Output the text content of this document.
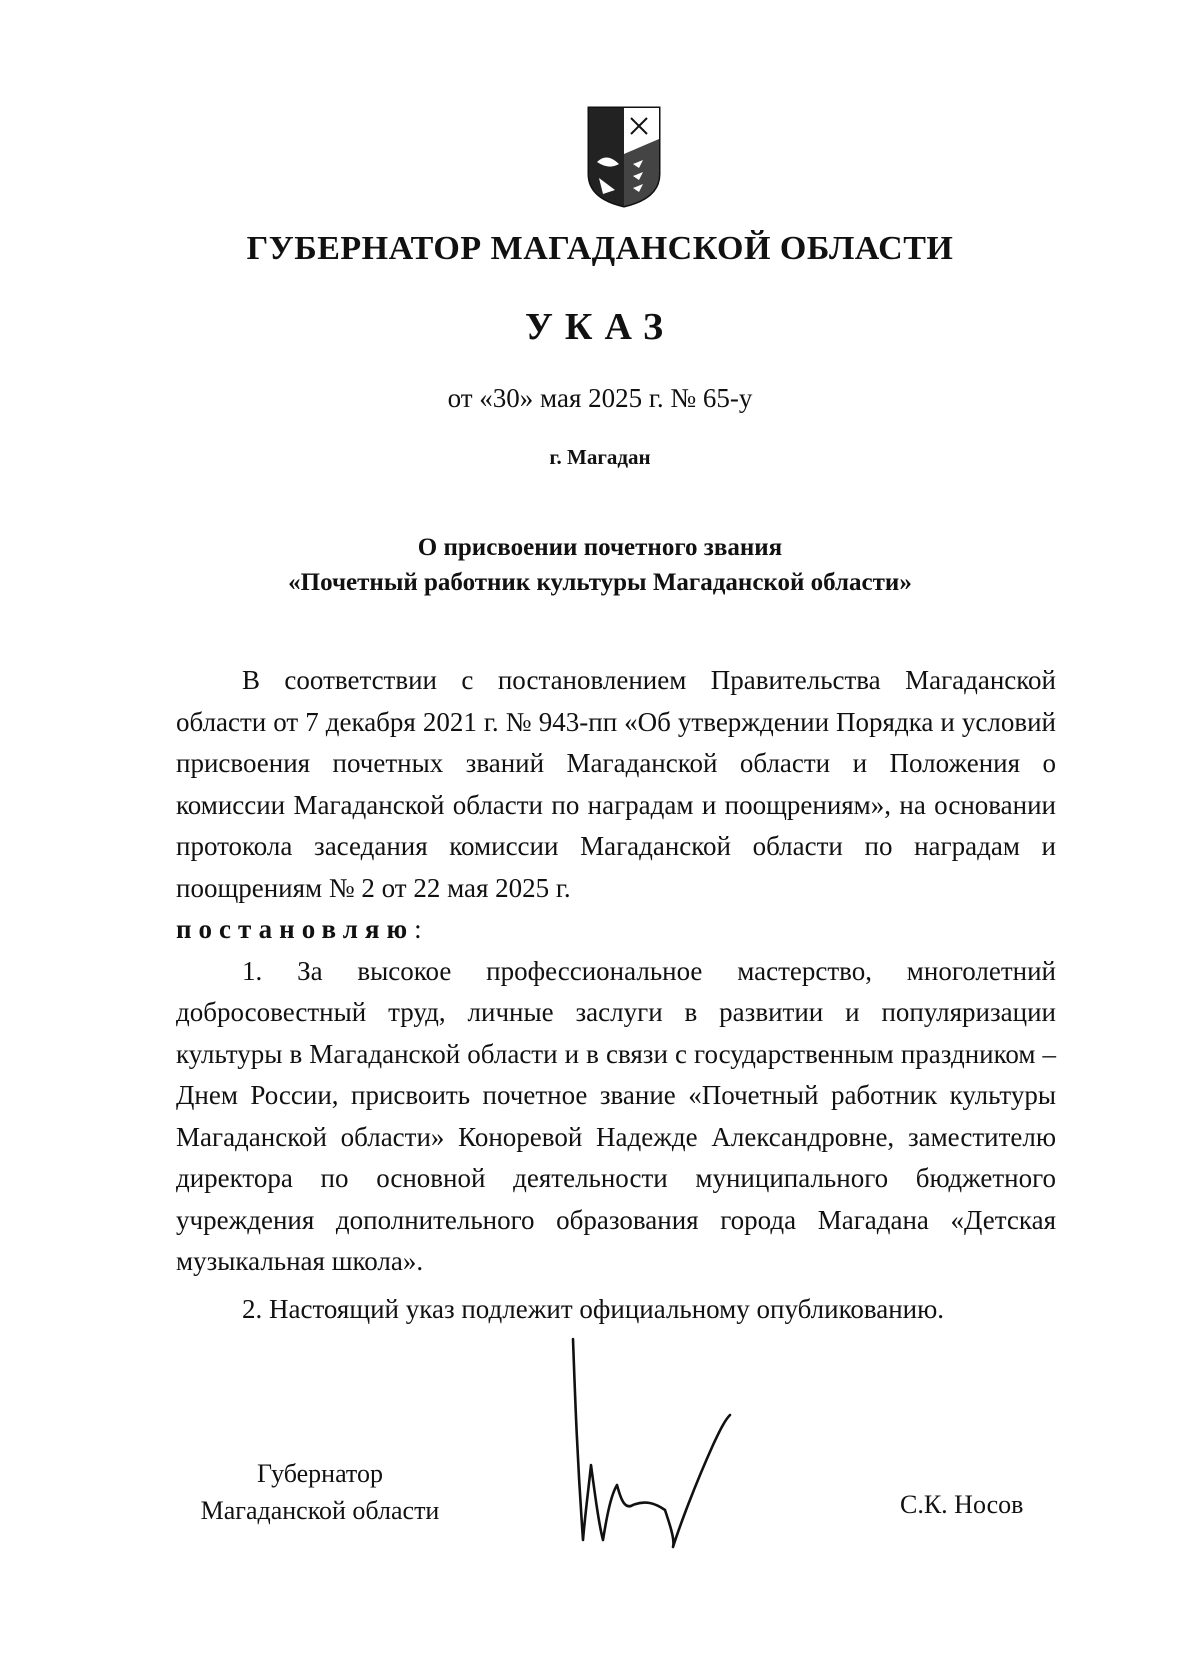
ГУБЕРНАТОР МАГАДАНСКОЙ ОБЛАСТИ
УКАЗ
от «30» мая 2025 г. № 65-у
г. Магадан
О присвоении почетного звания
«Почетный работник культуры Магаданской области»

В соответствии с постановлением Правительства Магаданской области от 7 декабря 2021 г. № 943-пп «Об утверждении Порядка и условий присвоения почетных званий Магаданской области и Положения о комиссии Магаданской области по наградам и поощрениям», на основании протокола заседания комиссии Магаданской области по наградам и поощрениям № 2 от 22 мая 2025 г.

постановляю:

1. За высокое профессиональное мастерство, многолетний добросовестный труд, личные заслуги в развитии и популяризации культуры в Магаданской области и в связи с государственным праздником – Днем России, присвоить почетное звание «Почетный работник культуры Магаданской области» Коноревой Надежде Александровне, заместителю директора по основной деятельности муниципального бюджетного учреждения дополнительного образования города Магадана «Детская музыкальная школа».

2. Настоящий указ подлежит официальному опубликованию.

Губернатор
Магаданской области	С.К. Носов
